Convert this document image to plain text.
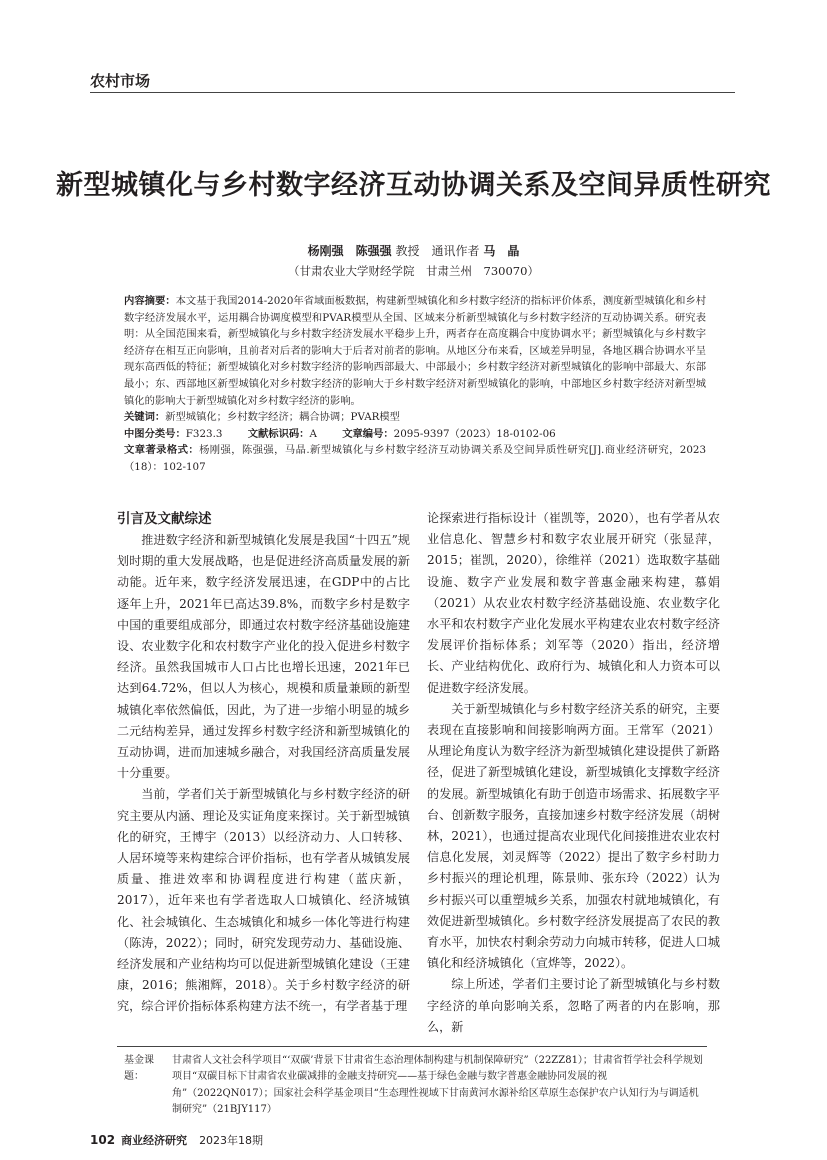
农村市场
新型城镇化与乡村数字经济互动协调关系及空间异质性研究
杨刚强　陈强强 教授　通讯作者 马　晶
（甘肃农业大学财经学院　甘肃兰州　730070）
内容摘要：本文基于我国2014-2020年省域面板数据，构建新型城镇化和乡村数字经济的指标评价体系，测度新型城镇化和乡村数字经济发展水平，运用耦合协调度模型和PVAR模型从全国、区域来分析新型城镇化与乡村数字经济的互动协调关系。研究表明：从全国范围来看，新型城镇化与乡村数字经济发展水平稳步上升，两者存在高度耦合中度协调水平；新型城镇化与乡村数字经济存在相互正向影响，且前者对后者的影响大于后者对前者的影响。从地区分布来看，区域差异明显，各地区耦合协调水平呈现东高西低的特征；新型城镇化对乡村数字经济的影响西部最大、中部最小；乡村数字经济对新型城镇化的影响中部最大、东部最小；东、西部地区新型城镇化对乡村数字经济的影响大于乡村数字经济对新型城镇化的影响，中部地区乡村数字经济对新型城镇化的影响大于新型城镇化对乡村数字经济的影响。
关键词：新型城镇化；乡村数字经济；耦合协调；PVAR模型
中图分类号：F323.3 文献标识码：A 文章编号：2095-9397（2023）18-0102-06
文章著录格式：杨刚强，陈强强，马晶.新型城镇化与乡村数字经济互动协调关系及空间异质性研究[J].商业经济研究，2023（18）：102-107
引言及文献综述

推进数字经济和新型城镇化发展是我国“十四五”规划时期的重大发展战略，也是促进经济高质量发展的新动能。近年来，数字经济发展迅速，在GDP中的占比逐年上升，2021年已高达39.8%，而数字乡村是数字中国的重要组成部分，即通过农村数字经济基础设施建设、农业数字化和农村数字产业化的投入促进乡村数字经济。虽然我国城市人口占比也增长迅速，2021年已达到64.72%，但以人为核心，规模和质量兼顾的新型城镇化率依然偏低，因此，为了进一步缩小明显的城乡二元结构差异，通过发挥乡村数字经济和新型城镇化的互动协调，进而加速城乡融合，对我国经济高质量发展十分重要。

当前，学者们关于新型城镇化与乡村数字经济的研究主要从内涵、理论及实证角度来探讨。关于新型城镇化的研究，王博宇（2013）以经济动力、人口转移、人居环境等来构建综合评价指标，也有学者从城镇发展质量、推进效率和协调程度进行构建（蓝庆新，2017），近年来也有学者选取人口城镇化、经济城镇化、社会城镇化、生态城镇化和城乡一体化等进行构建（陈涛，2022）；同时，研究发现劳动力、基础设施、经济发展和产业结构均可以促进新型城镇化建设（王建康，2016；熊湘辉，2018）。关于乡村数字经济的研究，综合评价指标体系构建方法不统一，有学者基于理

论探索进行指标设计（崔凯等，2020），也有学者从农业信息化、智慧乡村和数字农业展开研究（张显萍，2015；崔凯，2020），徐维祥（2021）选取数字基础设施、数字产业发展和数字普惠金融来构建，慕娟（2021）从农业农村数字经济基础设施、农业数字化水平和农村数字产业化发展水平构建农业农村数字经济发展评价指标体系；刘军等（2020）指出，经济增长、产业结构优化、政府行为、城镇化和人力资本可以促进数字经济发展。

关于新型城镇化与乡村数字经济关系的研究，主要表现在直接影响和间接影响两方面。王常军（2021）从理论角度认为数字经济为新型城镇化建设提供了新路径，促进了新型城镇化建设，新型城镇化支撑数字经济的发展。新型城镇化有助于创造市场需求、拓展数字平台、创新数字服务，直接加速乡村数字经济发展（胡树林，2021），也通过提高农业现代化间接推进农业农村信息化发展，刘灵辉等（2022）提出了数字乡村助力乡村振兴的理论机理，陈景帅、张东玲（2022）认为乡村振兴可以重塑城乡关系，加强农村就地城镇化，有效促进新型城镇化。乡村数字经济发展提高了农民的教育水平，加快农村剩余劳动力向城市转移，促进人口城镇化和经济城镇化（宣烨等，2022）。

综上所述，学者们主要讨论了新型城镇化与乡村数字经济的单向影响关系，忽略了两者的内在影响，那么，新

基金课题：
甘肃省人文社会科学项目“‘双碳’背景下甘肃省生态治理体制构建与机制保障研究”（22ZZ81）；甘肃省哲学社会科学规划项目“双碳目标下甘肃省农业碳减排的金融支持研究——基于绿色金融与数字普惠金融协同发展的视角”（2022QN017）；国家社会科学基金项目“生态理性视域下甘南黄河水源补给区草原生态保护农户认知行为与调适机制研究”（21BJY117）
102 商业经济研究 2023年18期
